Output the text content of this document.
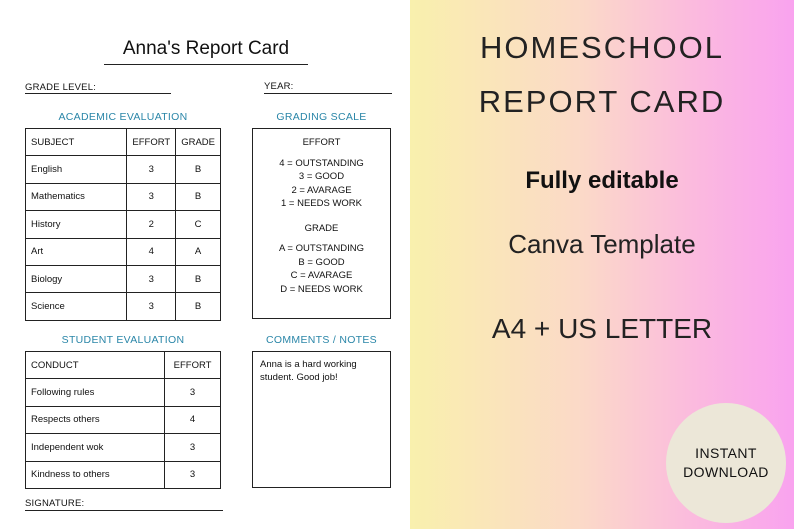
Anna's Report Card
GRADE LEVEL:	YEAR:
ACADEMIC EVALUATION	GRADING SCALE
SUBJECT	EFFORT	GRADE
English	3	B
Mathematics	3	B
History	2	C
Art	4	A
Biology	3	B
Science	3	B
EFFORT
4 = OUTSTANDING
3 = GOOD
2 = AVARAGE
1 = NEEDS WORK
GRADE
A = OUTSTANDING
B = GOOD
C = AVARAGE
D = NEEDS WORK
STUDENT EVALUATION	COMMENTS / NOTES
CONDUCT	EFFORT
Following rules	3
Respects others	4
Independent wok	3
Kindness to others	3
Anna is a hard working student. Good job!
SIGNATURE:
HOMESCHOOL
REPORT CARD
Fully editable
Canva Template
A4 + US LETTER
INSTANT
DOWNLOAD
